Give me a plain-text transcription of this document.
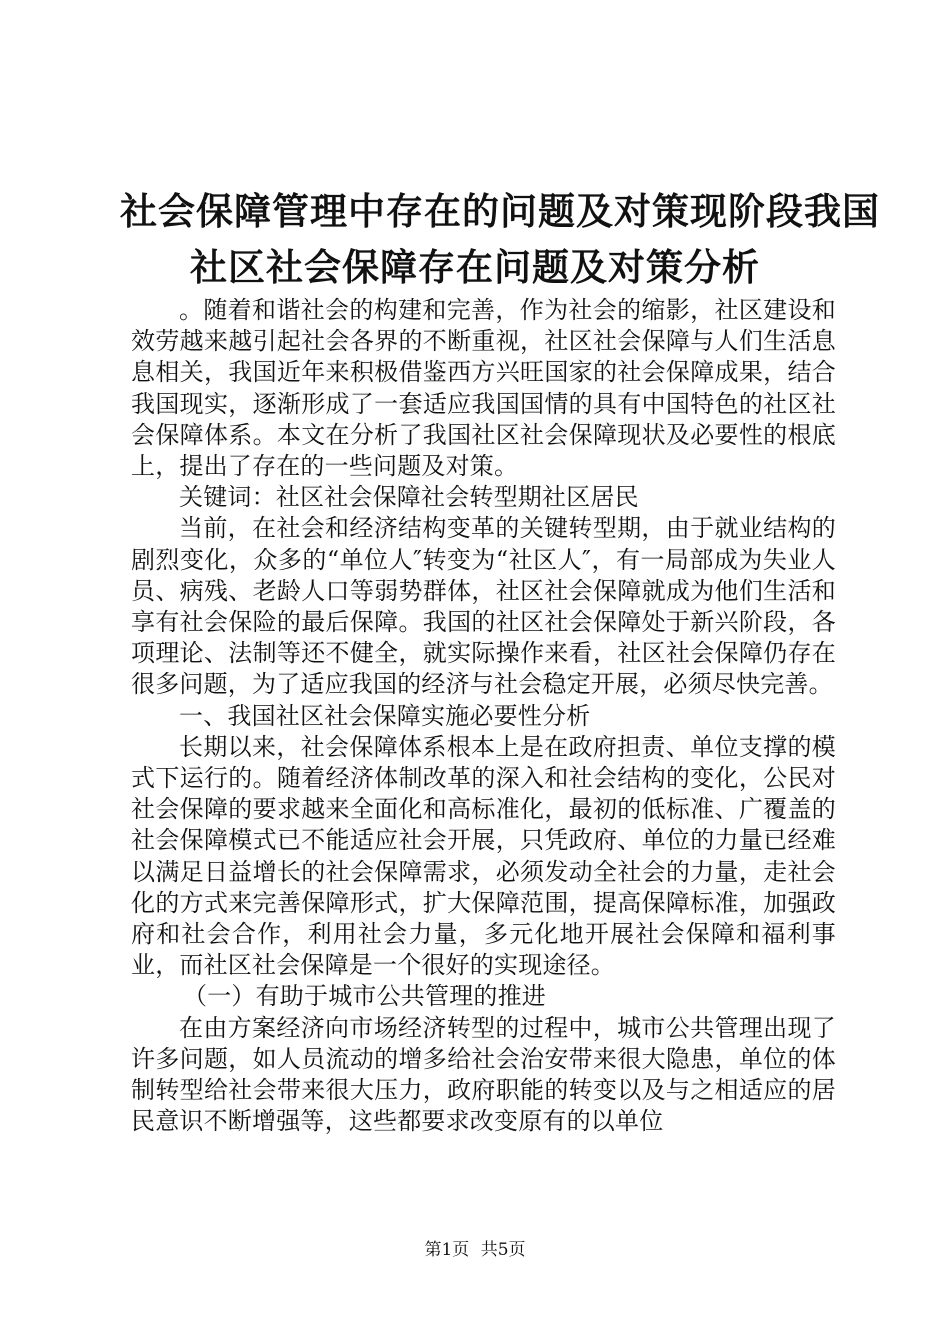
社会保障管理中存在的问题及对策现阶段我国
社区社会保障存在问题及对策分析

。随着和谐社会的构建和完善，作为社会的缩影，社区建设和效劳越来越引起社会各界的不断重视，社区社会保障与人们生活息息相关，我国近年来积极借鉴西方兴旺国家的社会保障成果，结合我国现实，逐渐形成了一套适应我国国情的具有中国特色的社区社会保障体系。本文在分析了我国社区社会保障现状及必要性的根底上，提出了存在的一些问题及对策。

关键词：社区社会保障社会转型期社区居民

当前，在社会和经济结构变革的关键转型期，由于就业结构的剧烈变化，众多的“单位人″转变为“社区人″，有一局部成为失业人员、病残、老龄人口等弱势群体，社区社会保障就成为他们生活和享有社会保险的最后保障。我国的社区社会保障处于新兴阶段，各项理论、法制等还不健全，就实际操作来看，社区社会保障仍存在很多问题，为了适应我国的经济与社会稳定开展，必须尽快完善。

一、我国社区社会保障实施必要性分析

长期以来，社会保障体系根本上是在政府担责、单位支撑的模式下运行的。随着经济体制改革的深入和社会结构的变化，公民对社会保障的要求越来全面化和高标准化，最初的低标准、广覆盖的社会保障模式已不能适应社会开展，只凭政府、单位的力量已经难以满足日益增长的社会保障需求，必须发动全社会的力量，走社会化的方式来完善保障形式，扩大保障范围，提高保障标准，加强政府和社会合作，利用社会力量，多元化地开展社会保障和福利事业，而社区社会保障是一个很好的实现途径。

（一）有助于城市公共管理的推进

在由方案经济向市场经济转型的过程中，城市公共管理出现了许多问题，如人员流动的增多给社会治安带来很大隐患，单位的体制转型给社会带来很大压力，政府职能的转变以及与之相适应的居民意识不断增强等，这些都要求改变原有的以单位

第1页 共5页
